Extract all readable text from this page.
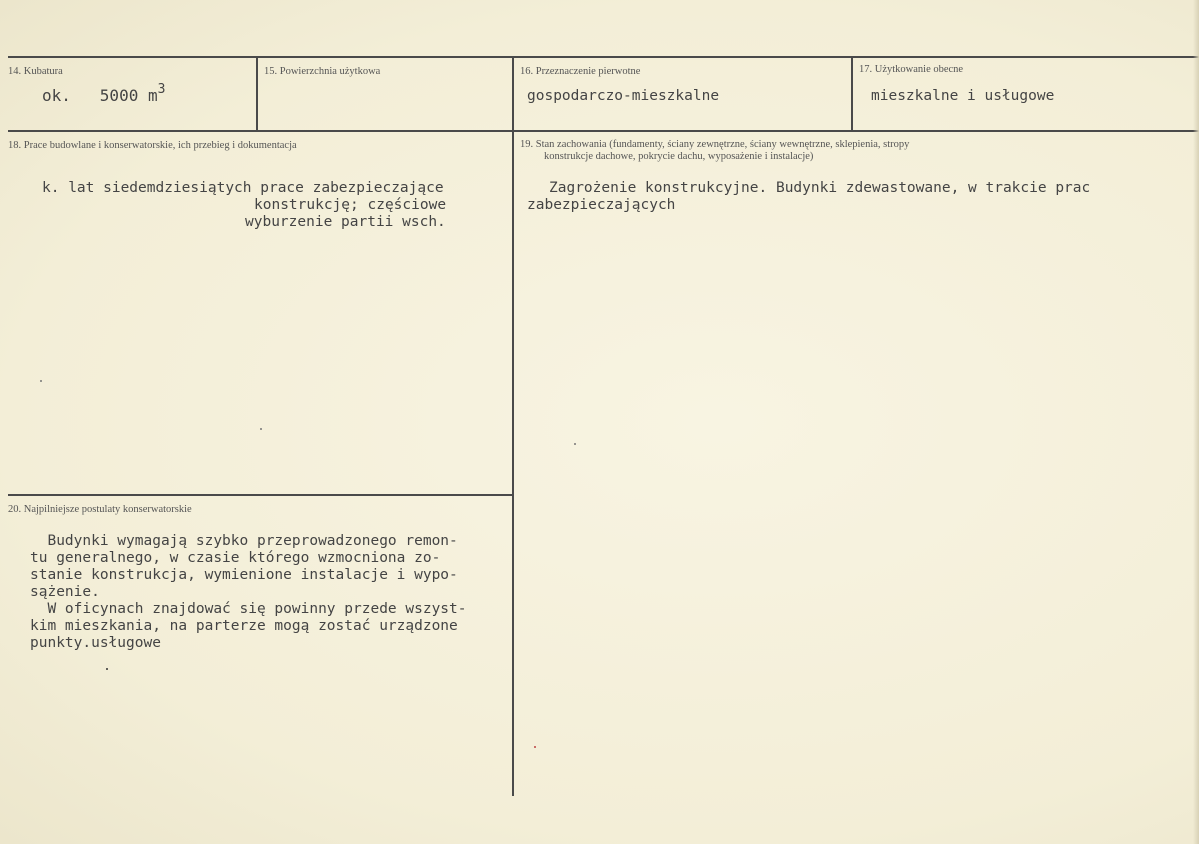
14. Kubatura
ok.   5000 $m^3$
15. Powierzchnia użytkowa	16. Przeznaczenie pierwotne
gospodarczo-mieszkalne
17. Użytkowanie obecne
mieszkalne i usługowe
18. Prace budowlane i konserwatorskie, ich przebieg i dokumentacja
k. lat siedemdziesiątych prace zabezpieczające
konstrukcję; częściowe
wyburzenie partii wsch.
19. Stan zachowania (fundamenty, ściany zewnętrzne, ściany wewnętrzne, sklepienia, stropy
konstrukcje dachowe, pokrycie dachu, wyposażenie i instalacje)
Zagrożenie konstrukcyjne. Budynki zdewastowane, w trakcie prac
zabezpieczających
20. Najpilniejsze postulaty konserwatorskie
Budynki wymagają szybko przeprowadzonego remon-
tu generalnego, w czasie którego wzmocniona zo-
stanie konstrukcja, wymienione instalacje i wypo-
sążenie.
W oficynach znajdować się powinny przede wszyst-
kim mieszkania, na parterze mogą zostać urządzone
punkty.usługowe
